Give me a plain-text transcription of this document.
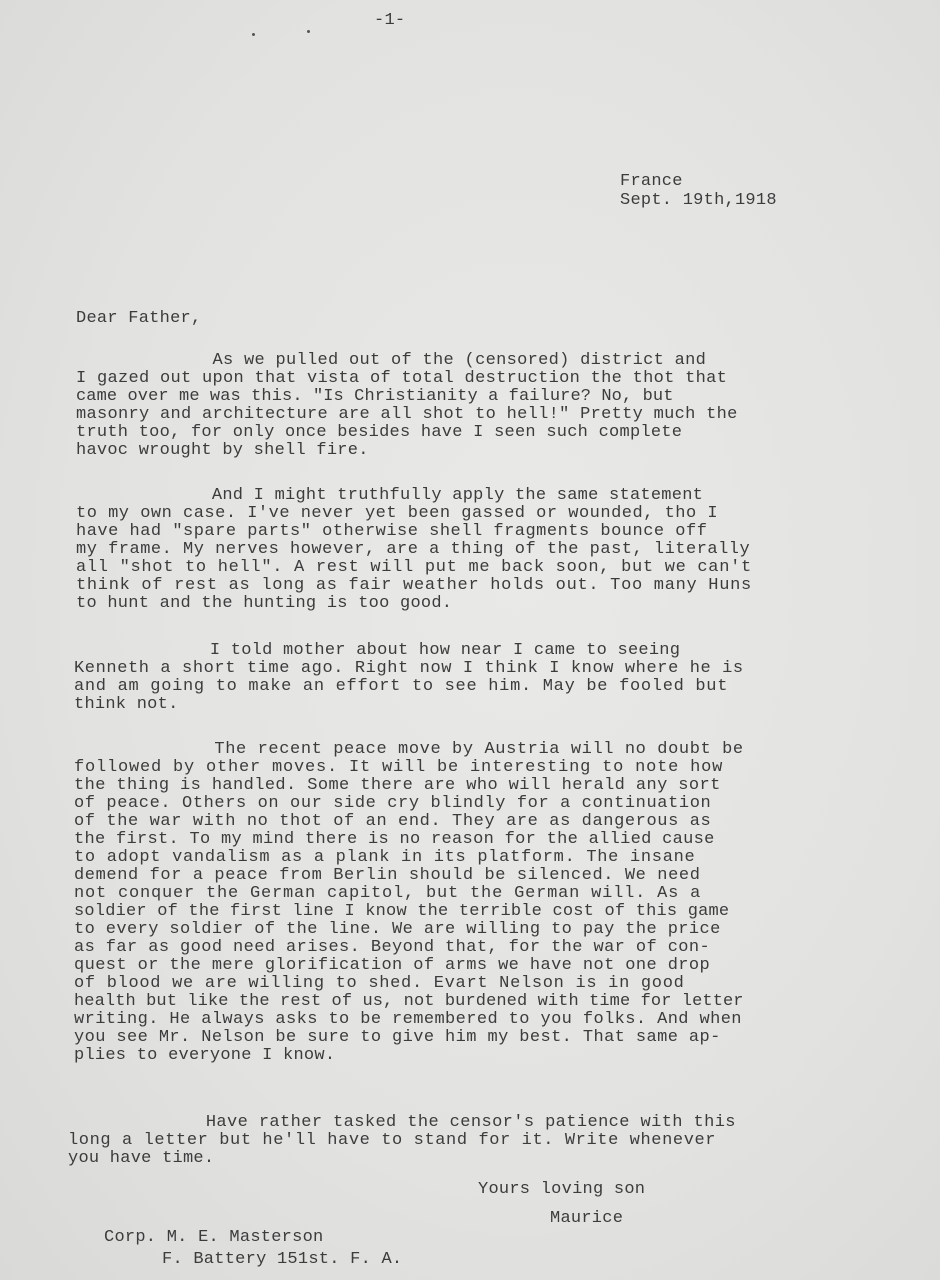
-1-
France
Sept. 19th,1918
Dear Father,
As we pulled out of the (censored) district and
I gazed out upon that vista of total destruction the thot that
came over me was this. "Is Christianity a failure? No, but
masonry and architecture are all shot to hell!" Pretty much the
truth too, for only once besides have I seen such complete
havoc wrought by shell fire.
And I might truthfully apply the same statement
to my own case. I've never yet been gassed or wounded, tho I
have had "spare parts" otherwise shell fragments bounce off
my frame. My nerves however, are a thing of the past, literally
all "shot to hell". A rest will put me back soon, but we can't
think of rest as long as fair weather holds out. Too many Huns
to hunt and the hunting is too good.
I told mother about how near I came to seeing
Kenneth a short time ago. Right now I think I know where he is
and am going to make an effort to see him. May be fooled but
think not.
The recent peace move by Austria will no doubt be
followed by other moves. It will be interesting to note how
the thing is handled. Some there are who will herald any sort
of peace. Others on our side cry blindly for a continuation
of the war with no thot of an end. They are as dangerous as
the first. To my mind there is no reason for the allied cause
to adopt vandalism as a plank in its platform. The insane
demend for a peace from Berlin should be silenced. We need
not conquer the German capitol, but the German will. As a
soldier of the first line I know the terrible cost of this game
to every soldier of the line. We are willing to pay the price
as far as good need arises. Beyond that, for the war of con-
quest or the mere glorification of arms we have not one drop
of blood we are willing to shed. Evart Nelson is in good
health but like the rest of us, not burdened with time for letter
writing. He always asks to be remembered to you folks. And when
you see Mr. Nelson be sure to give him my best. That same ap-
plies to everyone I know.
Have rather tasked the censor's patience with this
long a letter but he'll have to stand for it. Write whenever
you have time.
Yours loving son
Maurice
Corp. M. E. Masterson
F. Battery 151st. F. A.
